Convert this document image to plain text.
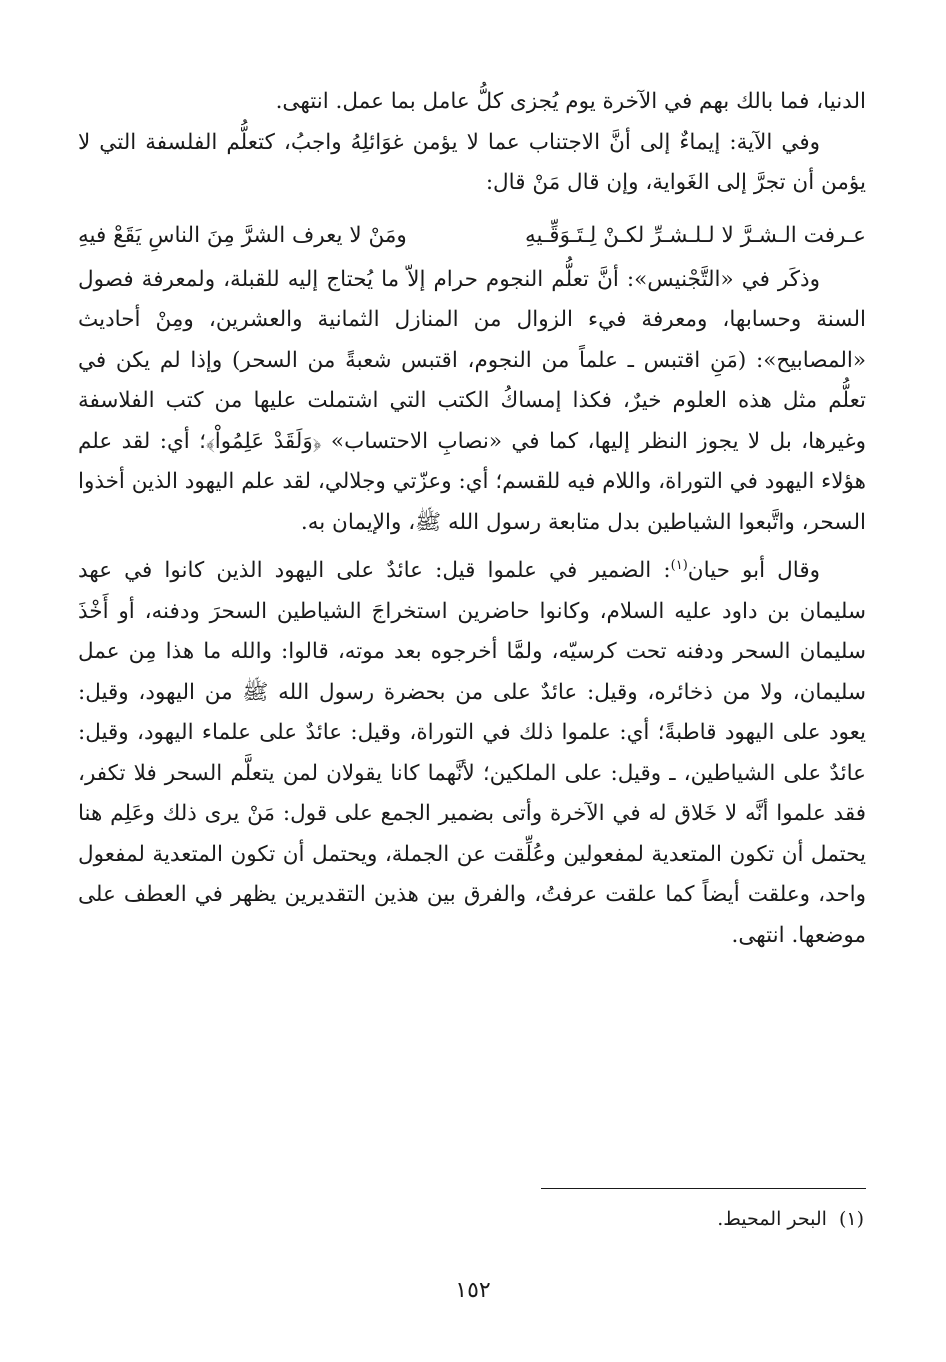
الدنيا، فما بالك بهم في الآخرة يوم يُجزى كلُّ عامل بما عمل. انتهى.

وفي الآية: إيماءٌ إلى أنَّ الاجتناب عما لا يؤمن غوَائلِهُ واجبُ، كتعلُّم الفلسفة التي لا يؤمن أن تجرَّ إلى الغَواية، وإن قال مَنْ قال:

عـرفت الـشـرَّ لا لـلـشـرِّ لكـنْ لِـتَـوَقِّـيهِ
ومَنْ لا يعرف الشرَّ مِنَ الناسِ يَقَعْ فيهِ

وذكَر في «التَّجْنيس»: أنَّ تعلُّم النجوم حرام إلاّ ما يُحتاج إليه للقبلة، ولمعرفة فصول السنة وحسابها، ومعرفة فيء الزوال من المنازل الثمانية والعشرين، ومِنْ أحاديث «المصابيح»: (مَنِ اقتبس ـ علماً من النجوم، اقتبس شعبةً من السحر) وإذا لم يكن في تعلُّم مثل هذه العلوم خيرٌ، فكذا إمساكُ الكتب التي اشتملت عليها من كتب الفلاسفة وغيرها، بل لا يجوز النظر إليها، كما في «نصابِ الاحتساب» ﴿وَلَقَدْ عَلِمُواْ﴾؛ أي: لقد علم هؤلاء اليهود في التوراة، واللام فيه للقسم؛ أي: وعزّتي وجلالي، لقد علم اليهود الذين أخذوا السحر، واتَّبعوا الشياطين بدل متابعة رسول الله ﷺ، والإيمان به.

وقال أبو حيان$^{(١)}$: الضمير في علموا قيل: عائدٌ على اليهود الذين كانوا في عهد سليمان بن داود عليه السلام، وكانوا حاضرين استخراجَ الشياطين السحرَ ودفنه، أو أَخْذَ سليمان السحر ودفنه تحت كرسيّه، ولمَّا أخرجوه بعد موته، قالوا: والله ما هذا مِن عمل سليمان، ولا من ذخائره، وقيل: عائدٌ على من بحضرة رسول الله ﷺ من اليهود، وقيل: يعود على اليهود قاطبةً؛ أي: علموا ذلك في التوراة، وقيل: عائدٌ على علماء اليهود، وقيل: عائدٌ على الشياطين، ـ وقيل: على الملكين؛ لأنَّهما كانا يقولان لمن يتعلَّم السحر فلا تكفر، فقد علموا أنَّه لا خَلاق له في الآخرة وأتى بضمير الجمع على قول: مَنْ يرى ذلك وعَلِم هنا يحتمل أن تكون المتعدية لمفعولين وعُلِّقت عن الجملة، ويحتمل أن تكون المتعدية لمفعول واحد، وعلقت أيضاً كما علقت عرفتُ، والفرق بين هذين التقديرين يظهر في العطف على موضعها. انتهى.

(١)البحر المحيط.
١٥٢
